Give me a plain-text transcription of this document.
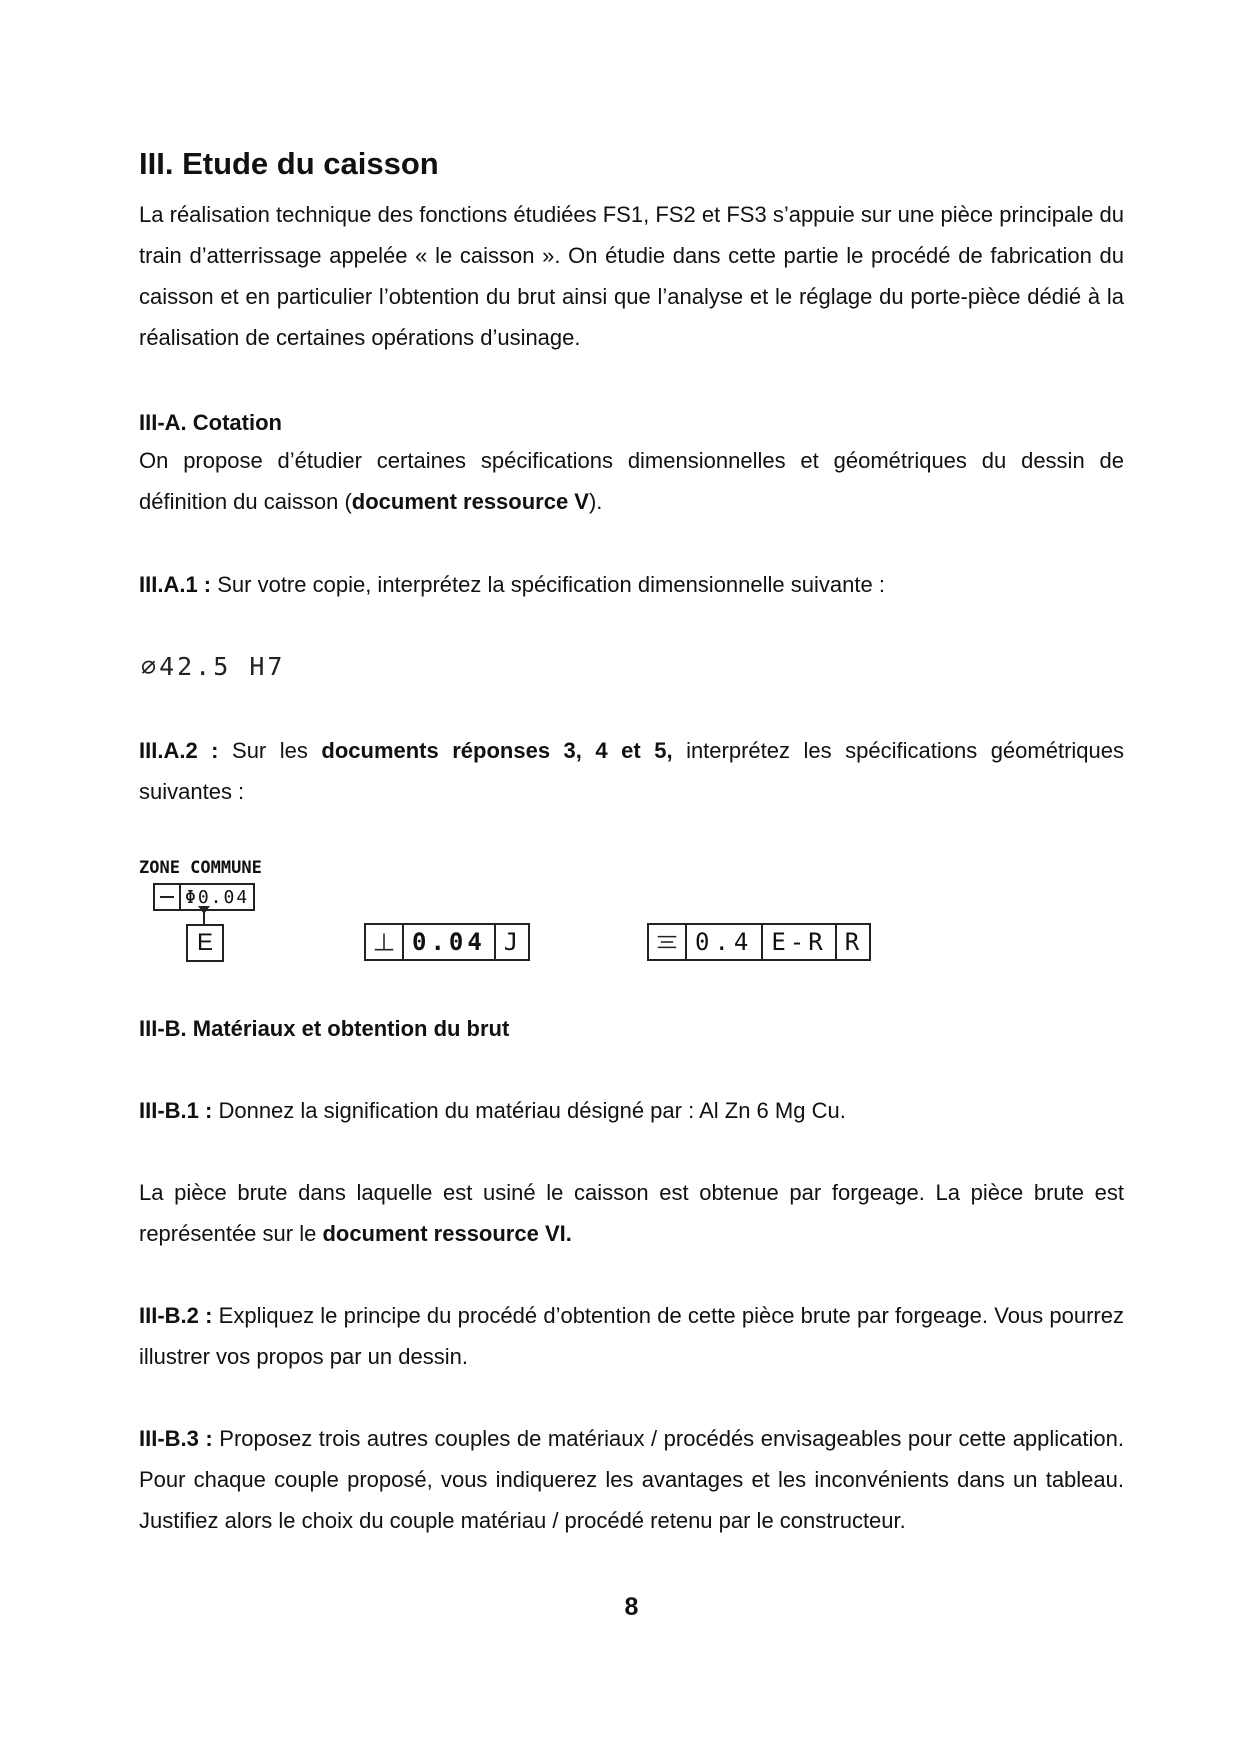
III. Etude du caisson

La réalisation technique des fonctions étudiées FS1, FS2 et FS3 s’appuie sur une pièce principale du train d’atterrissage appelée « le caisson ». On étudie dans cette partie le procédé de fabrication du caisson et en particulier l’obtention du brut ainsi que l’analyse et le réglage du porte-pièce dédié à la réalisation de certaines opérations d’usinage.

III-A. Cotation

On propose d’étudier certaines spécifications dimensionnelles et géométriques du dessin de définition du caisson (document ressource V).

III.A.1 : Sur votre copie, interprétez la spécification dimensionnelle suivante :

∅42.5 H7

III.A.2 : Sur les documents réponses 3, 4 et 5, interprétez les spécifications géométriques suivantes :

ZONE COMMUNE
Φ0.04
E	0.04 J	0.4 E-R R
III-B. Matériaux et obtention du brut

III-B.1 : Donnez la signification du matériau désigné par : Al Zn 6 Mg Cu.

La pièce brute dans laquelle est usiné le caisson est obtenue par forgeage. La pièce brute est représentée sur le document ressource VI.

III-B.2 : Expliquez le principe du procédé d’obtention de cette pièce brute par forgeage. Vous pourrez illustrer vos propos par un dessin.

III-B.3 : Proposez trois autres couples de matériaux / procédés envisageables pour cette application. Pour chaque couple proposé, vous indiquerez les avantages et les inconvénients dans un tableau. Justifiez alors le choix du couple matériau / procédé retenu par le constructeur.

8
